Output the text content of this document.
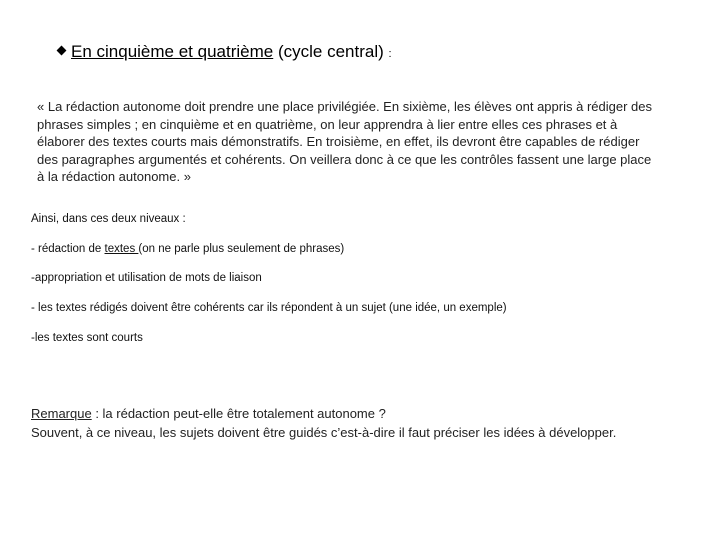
En cinquième et quatrième (cycle central) :
« La rédaction autonome doit prendre une place privilégiée. En sixième, les élèves ont appris à rédiger des phrases simples ; en cinquième et en quatrième, on leur apprendra à lier entre elles ces phrases et à élaborer des textes courts mais démonstratifs. En troisième, en effet, ils devront être capables de rédiger des paragraphes argumentés et cohérents. On veillera donc à ce que les contrôles fassent une large place à la rédaction autonome. »
Ainsi, dans ces deux niveaux :
- rédaction de textes (on ne parle plus seulement de phrases)
-appropriation et utilisation de mots de liaison
- les textes rédigés doivent être cohérents car ils répondent à un sujet (une idée, un exemple)
-les textes sont courts
Remarque : la rédaction peut-elle être totalement autonome ?
Souvent, à ce niveau, les sujets doivent être guidés c’est-à-dire il faut préciser les idées à développer.
